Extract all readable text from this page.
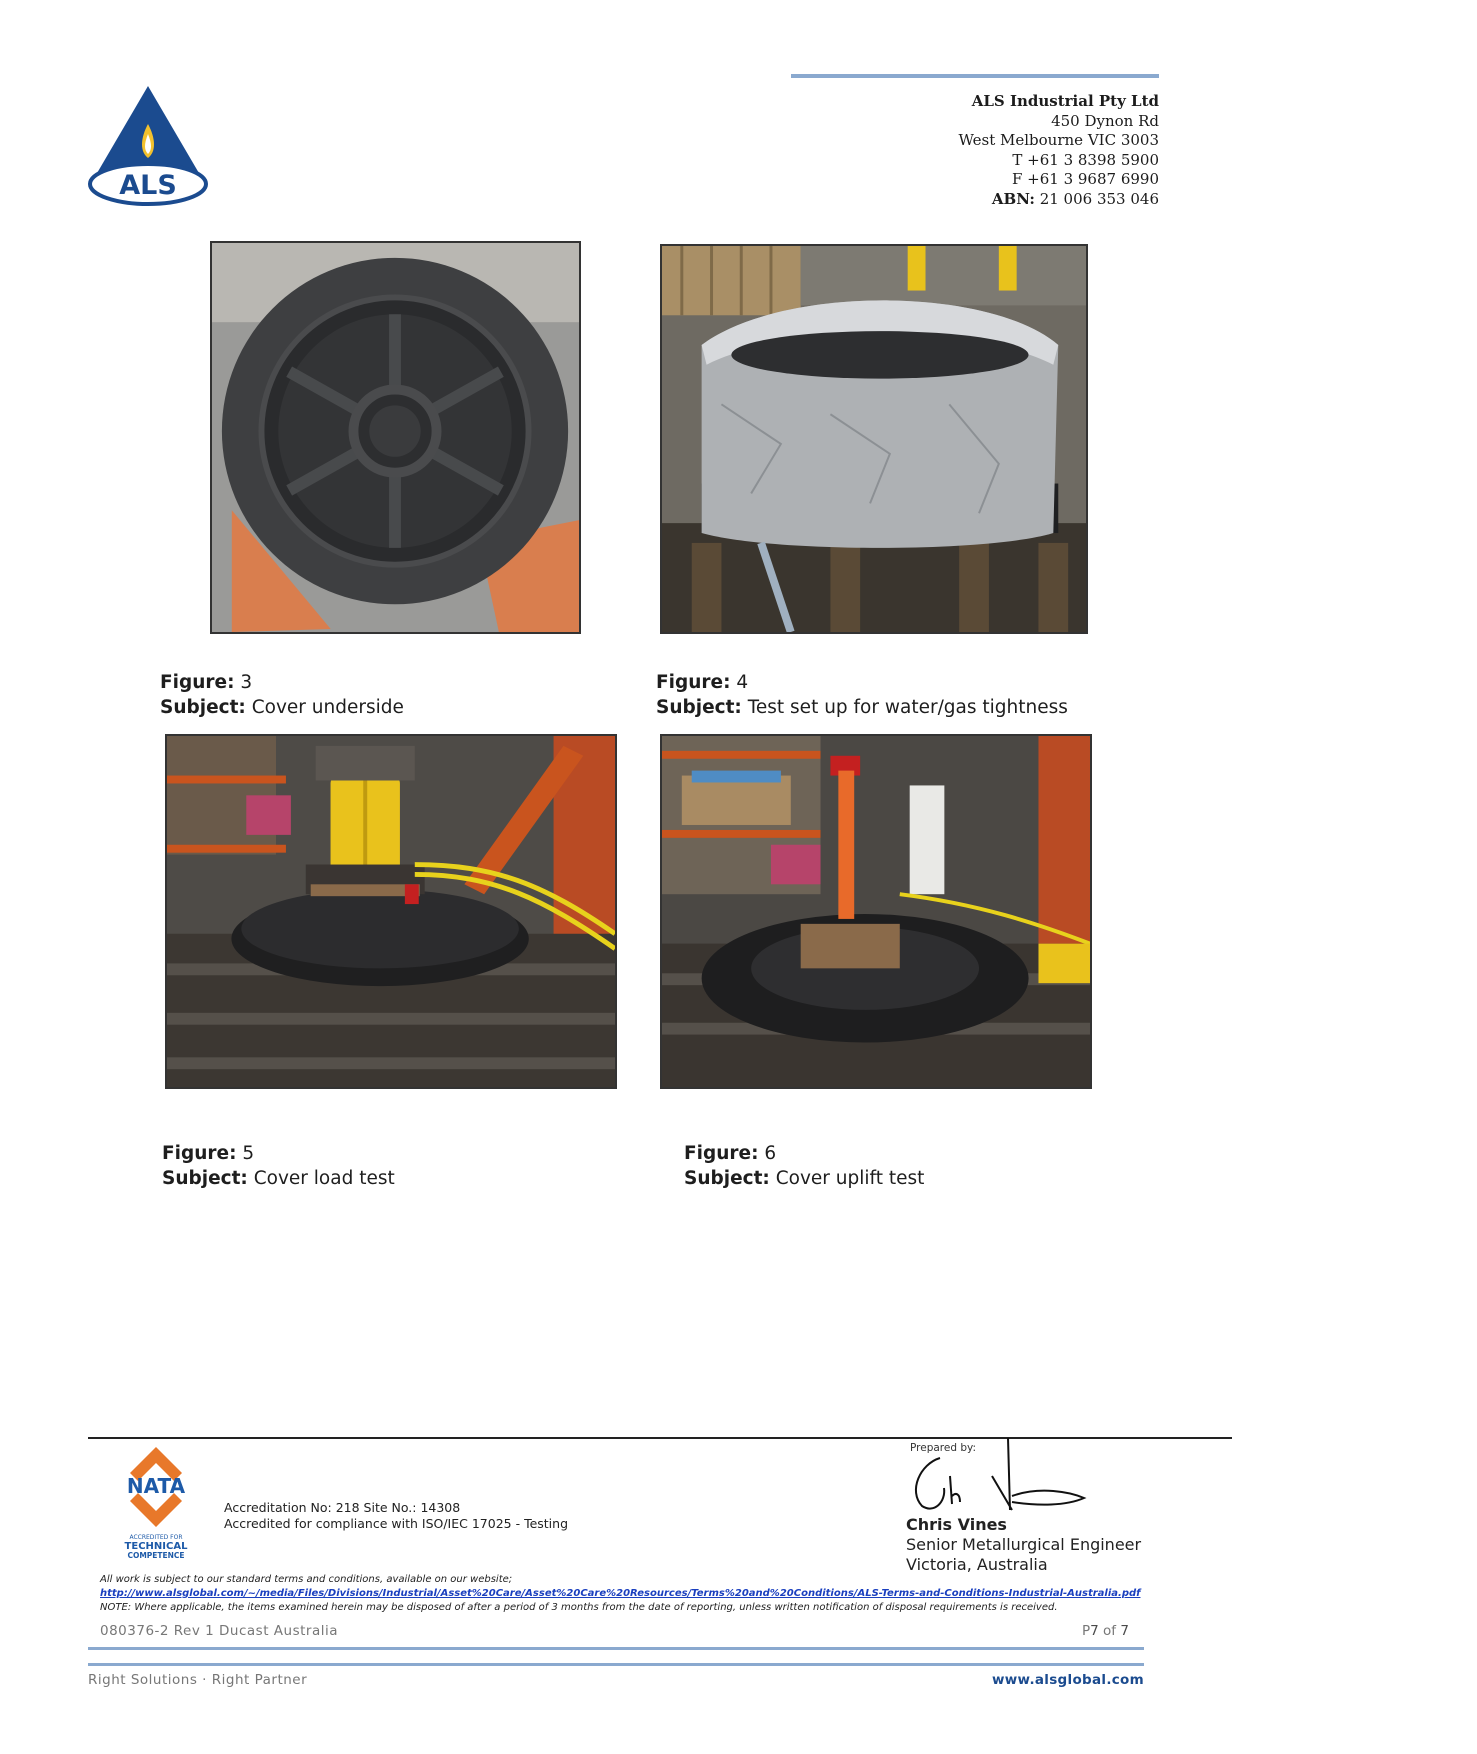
ALS
ALS Industrial Pty Ltd
450 Dynon Rd
West Melbourne VIC 3003
T +61 3 8398 5900
F +61 3 9687 6990
ABN: 21 006 353 046
Figure: 3
Subject: Cover underside
Figure: 4
Subject: Test set up for water/gas tightness
Figure: 5
Subject: Cover load test
Figure: 6
Subject: Cover uplift test
NATA
ACCREDITED FOR
TECHNICAL
COMPETENCE
Accreditation No: 218 Site No.: 14308
Accredited for compliance with ISO/IEC 17025 - Testing
Prepared by:
Chris Vines
Senior Metallurgical Engineer
Victoria, Australia
All work is subject to our standard terms and conditions, available on our website;
http://www.alsglobal.com/~/media/Files/Divisions/Industrial/Asset%20Care/Asset%20Care%20Resources/Terms%20and%20Conditions/ALS-Terms-and-Conditions-Industrial-Australia.pdf
NOTE: Where applicable, the items examined herein may be disposed of after a period of 3 months from the date of reporting, unless written notification of disposal requirements is received.
080376-2 Rev 1 Ducast Australia	P7 of 7
Right Solutions · Right Partner	www.alsglobal.com
